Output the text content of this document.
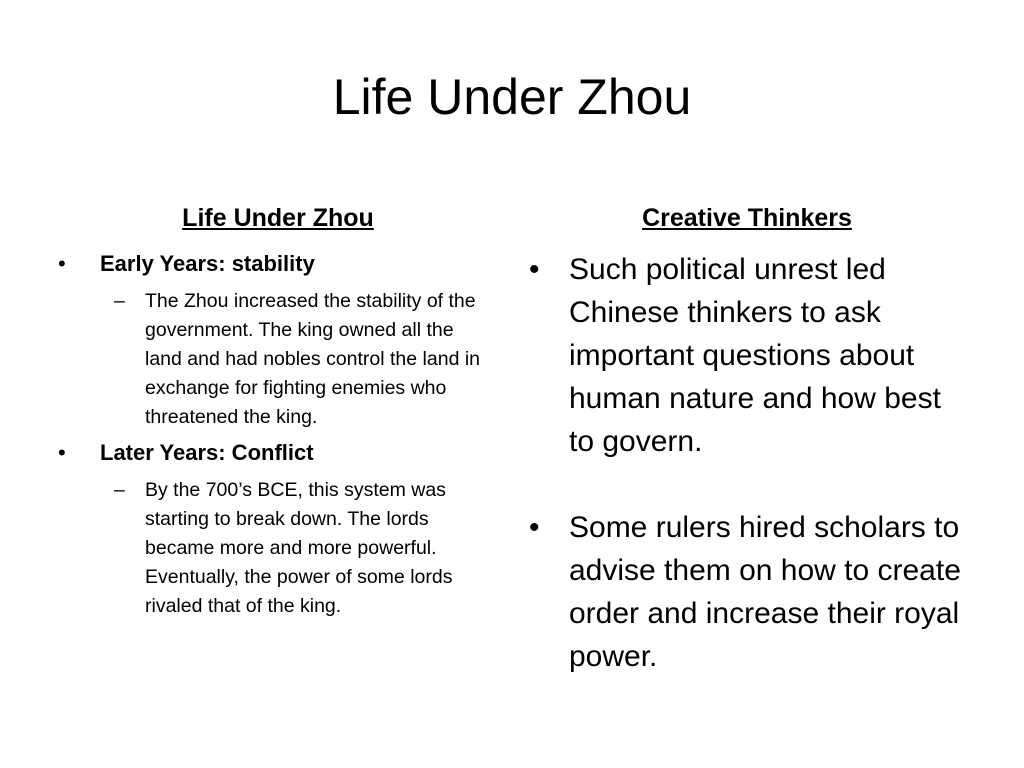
Life Under Zhou
Life Under Zhou
• Early Years: stability
– The Zhou increased the stability of the government. The king owned all the land and had nobles control the land in exchange for fighting enemies who threatened the king.
• Later Years: Conflict
– By the 700’s BCE, this system was starting to break down. The lords became more and more powerful. Eventually, the power of some lords rivaled that of the king.
Creative Thinkers
• Such political unrest led Chinese thinkers to ask important questions about human nature and how best to govern.
• Some rulers hired scholars to advise them on how to create order and increase their royal power.
